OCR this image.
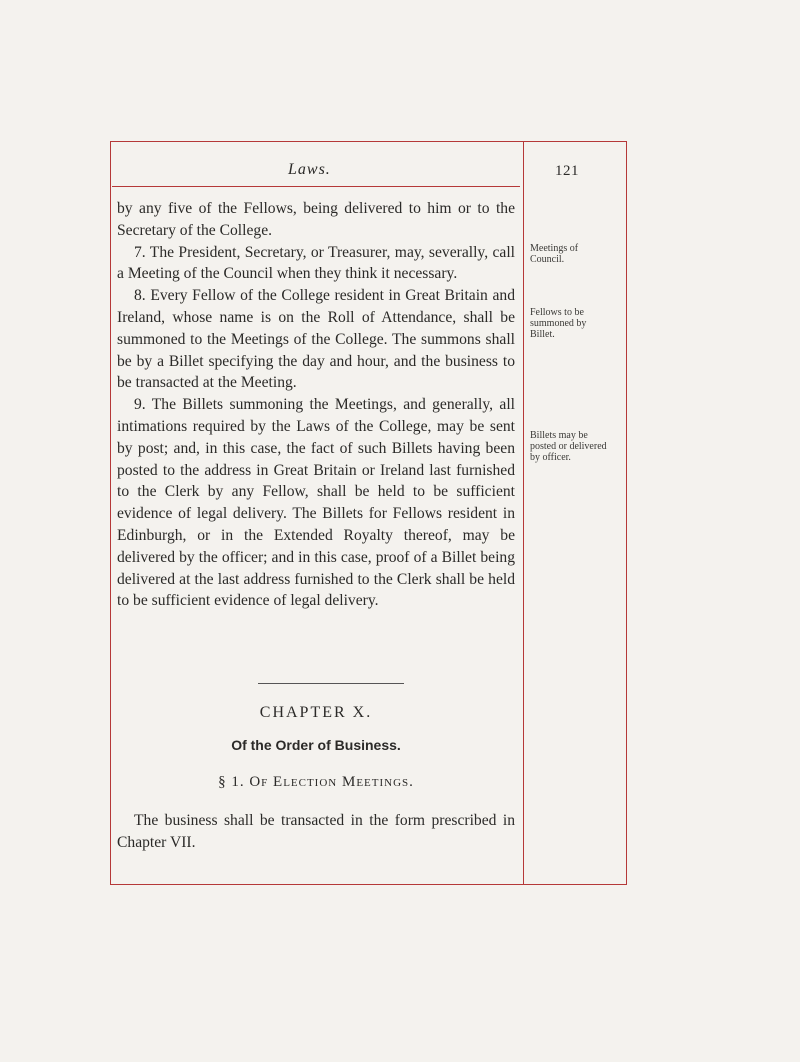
Laws.	121

by any five of the Fellows, being delivered to him or to the Secretary of the College.

7. The President, Secretary, or Treasurer, may, severally, call a Meeting of the Council when they think it necessary.

8. Every Fellow of the College resident in Great Britain and Ireland, whose name is on the Roll of Attendance, shall be summoned to the Meetings of the College. The summons shall be by a Billet specifying the day and hour, and the business to be transacted at the Meeting.

9. The Billets summoning the Meetings, and generally, all intimations required by the Laws of the College, may be sent by post; and, in this case, the fact of such Billets having been posted to the address in Great Britain or Ireland last furnished to the Clerk by any Fellow, shall be held to be sufficient evidence of legal delivery. The Billets for Fellows resident in Edinburgh, or in the Extended Royalty thereof, may be delivered by the officer; and in this case, proof of a Billet being delivered at the last address furnished to the Clerk shall be held to be sufficient evidence of legal delivery.

Meetings of Council.
Fellows to be summoned by Billet.
Billets may be posted or delivered by officer.
CHAPTER X.
Of the Order of Business.
§ 1. Of Election Meetings.

The business shall be transacted in the form prescribed in Chapter VII.
